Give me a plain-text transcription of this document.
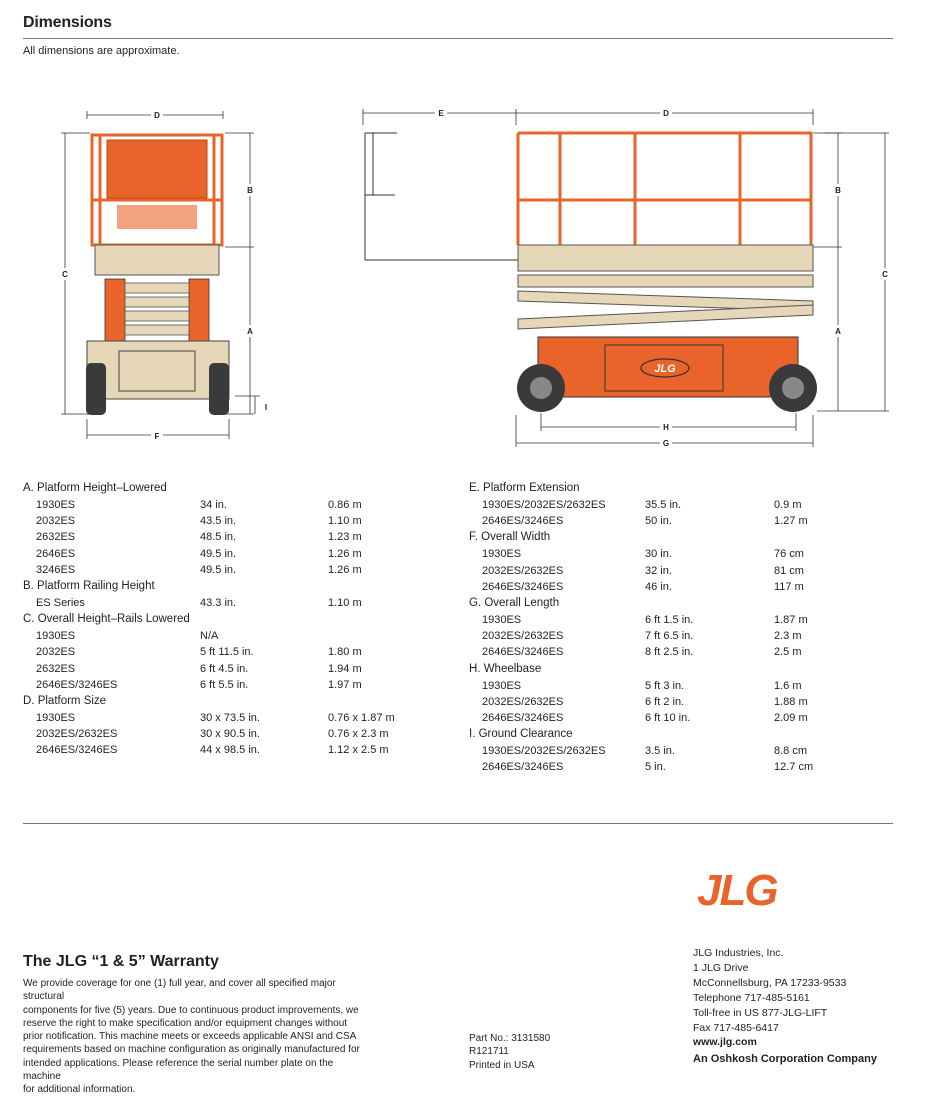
Dimensions
All dimensions are approximate.
D
C
B
A
I
F
E	D
B
C
A
H
G
JLG
A. Platform Height–Lowered
1930ES	34 in.	0.86 m
2032ES	43.5 in.	1.10 m
2632ES	48.5 in.	1.23 m
2646ES	49.5 in.	1.26 m
3246ES	49.5 in.	1.26 m
B. Platform Railing Height
ES Series	43.3 in.	1.10 m
C. Overall Height–Rails Lowered
1930ES	N/A
2032ES	5 ft 11.5 in.	1.80 m
2632ES	6 ft 4.5 in.	1.94 m
2646ES/3246ES	6 ft 5.5 in.	1.97 m
D. Platform Size
1930ES	30 x 73.5 in.	0.76 x 1.87 m
2032ES/2632ES	30 x 90.5 in.	0.76 x 2.3 m
2646ES/3246ES	44 x 98.5 in.	1.12 x 2.5 m
E. Platform Extension
1930ES/2032ES/2632ES	35.5 in.	0.9 m
2646ES/3246ES	50 in.	1.27 m
F. Overall Width
1930ES	30 in.	76 cm
2032ES/2632ES	32 in.	81 cm
2646ES/3246ES	46 in.	117 m
G. Overall Length
1930ES	6 ft 1.5 in.	1.87 m
2032ES/2632ES	7 ft 6.5 in.	2.3 m
2646ES/3246ES	8 ft 2.5 in.	2.5 m
H. Wheelbase
1930ES	5 ft 3 in.	1.6 m
2032ES/2632ES	6 ft 2 in.	1.88 m
2646ES/3246ES	6 ft 10 in.	2.09 m
I. Ground Clearance
1930ES/2032ES/2632ES	3.5 in.	8.8 cm
2646ES/3246ES	5 in.	12.7 cm
JLG
The JLG “1 & 5” Warranty
We provide coverage for one (1) full year, and cover all specified major structural
components for five (5) years. Due to continuous product improvements, we
reserve the right to make specification and/or equipment changes without
prior notification. This machine meets or exceeds applicable ANSI and CSA
requirements based on machine configuration as originally manufactured for
intended applications. Please reference the serial number plate on the machine
for additional information.
Part No.: 3131580
R121711
Printed in USA
JLG Industries, Inc.
1 JLG Drive
McConnellsburg, PA 17233-9533
Telephone 717-485-5161
Toll-free in US 877-JLG-LIFT
Fax 717-485-6417
www.jlg.com
An Oshkosh Corporation Company
